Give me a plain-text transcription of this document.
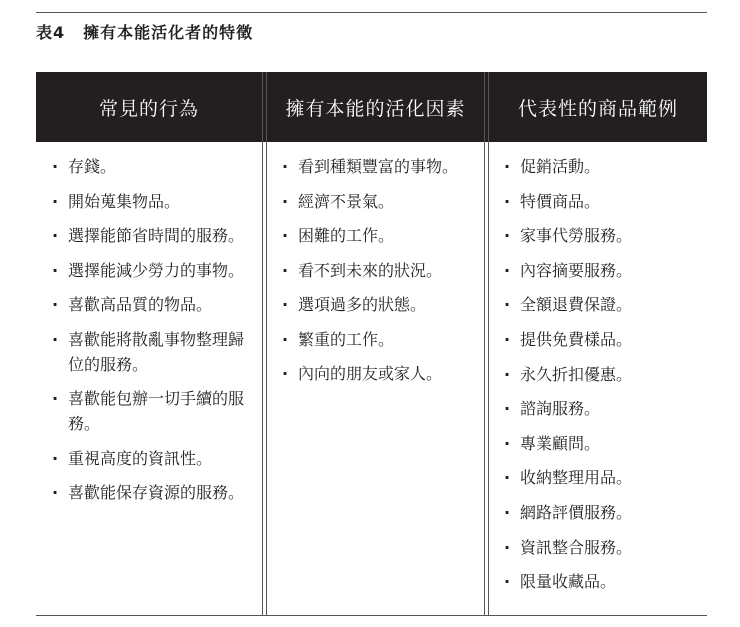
表4 擁有本能活化者的特徵
常見的行為	擁有本能的活化因素	代表性的商品範例
· 存錢。
· 開始蒐集物品。
· 選擇能節省時間的服務。
· 選擇能減少勞力的事物。
· 喜歡高品質的物品。
· 喜歡能將散亂事物整理歸位的服務。
· 喜歡能包辦一切手續的服務。
· 重視高度的資訊性。
· 喜歡能保存資源的服務。
· 看到種類豐富的事物。
· 經濟不景氣。
· 困難的工作。
· 看不到未來的狀況。
· 選項過多的狀態。
· 繁重的工作。
· 內向的朋友或家人。
· 促銷活動。
· 特價商品。
· 家事代勞服務。
· 內容摘要服務。
· 全額退費保證。
· 提供免費樣品。
· 永久折扣優惠。
· 諮詢服務。
· 專業顧問。
· 收納整理用品。
· 網路評價服務。
· 資訊整合服務。
· 限量收藏品。
